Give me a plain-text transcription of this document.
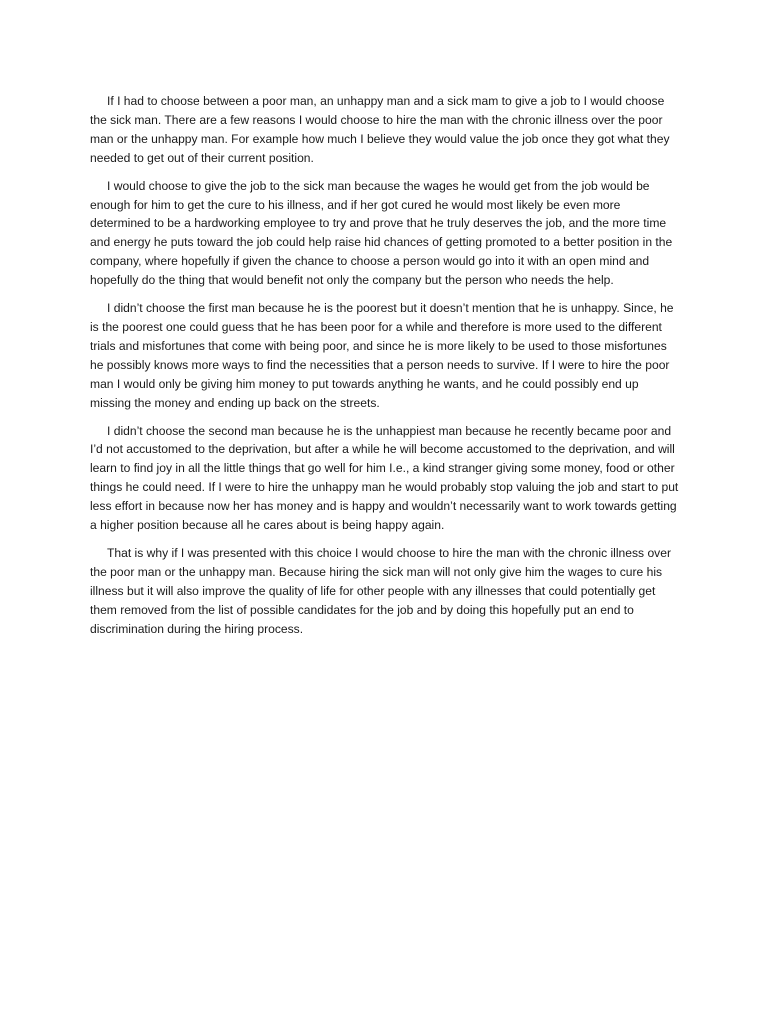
If I had to choose between a poor man, an unhappy man and a sick mam to give a job to I would choose the sick man. There are a few reasons I would choose to hire the man with the chronic illness over the poor man or the unhappy man. For example how much I believe they would value the job once they got what they needed to get out of their current position.

I would choose to give the job to the sick man because the wages he would get from the job would be enough for him to get the cure to his illness, and if her got cured he would most likely be even more determined to be a hardworking employee to try and prove that he truly deserves the job, and the more time and energy he puts toward the job could help raise hid chances of getting promoted to a better position in the company, where hopefully if given the chance to choose a person would go into it with an open mind and hopefully do the thing that would benefit not only the company but the person who needs the help.

I didn’t choose the first man because he is the poorest but it doesn’t mention that he is unhappy. Since, he is the poorest one could guess that he has been poor for a while and therefore is more used to the different trials and misfortunes that come with being poor, and since he is more likely to be used to those misfortunes he possibly knows more ways to find the necessities that a person needs to survive. If I were to hire the poor man I would only be giving him money to put towards anything he wants, and he could possibly end up missing the money and ending up back on the streets.

I didn’t choose the second man because he is the unhappiest man because he recently became poor and I’d not accustomed to the deprivation, but after a while he will become accustomed to the deprivation, and will learn to find joy in all the little things that go well for him I.e., a kind stranger giving some money, food or other things he could need. If I were to hire the unhappy man he would probably stop valuing the job and start to put less effort in because now her has money and is happy and wouldn’t necessarily want to work towards getting a higher position because all he cares about is being happy again.

That is why if I was presented with this choice I would choose to hire the man with the chronic illness over the poor man or the unhappy man. Because hiring the sick man will not only give him the wages to cure his illness but it will also improve the quality of life for other people with any illnesses that could potentially get them removed from the list of possible candidates for the job and by doing this hopefully put an end to discrimination during the hiring process.
